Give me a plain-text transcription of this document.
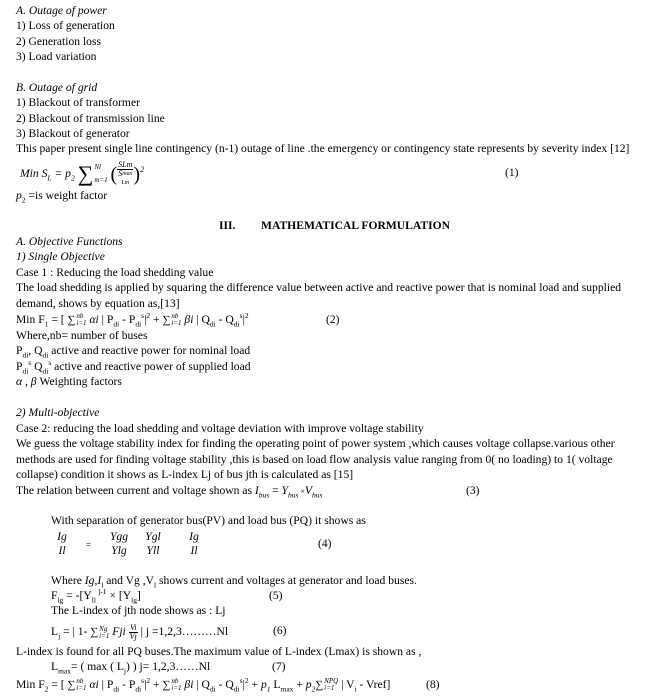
A. Outage of power
1) Loss of generation
2) Generation loss
3) Load variation
B. Outage of grid
1) Blackout of transformer
2) Blackout of transmission line
3) Blackout of generator
This paper present single line contingency (n-1) outage of line .the emergency or contingency state represents by severity index [12]
Min $S_L = p_2$ ∑ Nl
m=1 ( SLm
$S^{max}$
Lm )$^2$	(1)
$p_2 =is$ weight factor
III. MATHEMATICAL FORMULATION
A. Objective Functions
1) Single Objective
Case 1 : Reducing the load shedding value
The load shedding is applied by squaring the difference value between active and reactive power that is nominal load and supplied
demand, shows by equation as,[13]
Min $F_1$ = [ ∑ nb
i=1 αi | $P_{di} - P_{di}^s|^2$ + ∑ nb
i=1 βi | $Q_{di} - Q_{di}^s|^2$	(2)
Where,nb= number of buses
$P_{di}$, $Q_{di}$ active and reactive power for nominal load
$P_{di}^s$ $Q_{di}^s$ active and reactive power of supplied load
α , β Weighting factors
2) Multi-objective
Case 2: reducing the load shedding and voltage deviation with improve voltage stability
We guess the voltage stability index for finding the operating point of power system ,which causes voltage collapse.various other
methods are used for finding voltage stability ,this is based on load flow analysis value ranging from 0( no loading) to 1( voltage
collapse) condition it shows as L-index Lj of bus jth is calculated as [15]
The relation between current and voltage shown as $I_{bus} = Y_{bus} \times V_{bus}$	(3)
With separation of generator bus(PV) and load bus (PQ) it shows as
Ig
Il	=
Ygg
Ylg
Ygl
Yll
Ig
Il
(4)
Where $Ig,I_l$ and Vg $,V_l$ shows current and voltages at generator and load buses.
$F_{lg} = -[Y_{ll}$ $^{]-1} \times [Y_{lg}]$	(5)
The L-index of jth node shows as : Lj
$L_j$ = | 1- ∑ Ng
i=1 Fji $\frac{Vi}{Vj}$ | j =1,2,3………Nl	(6)
L-index is found for all PQ buses.The maximum value of L-index (Lmax) is shown as ,
$L_{max}=$ ( max ( $L_j$) ) j= 1,2,3……Nl	(7)
Min $F_2$ = [ ∑ nb
i=1 αi | $P_{di} - P_{di}^s|^2$ + ∑ nb
i=1 βi | $Q_{di} - Q_{di}^s|^2 + p_1$ $L_{max} + p_2\sum$ NPQ
i=1 | $V_i$ - Vref]	(8)
